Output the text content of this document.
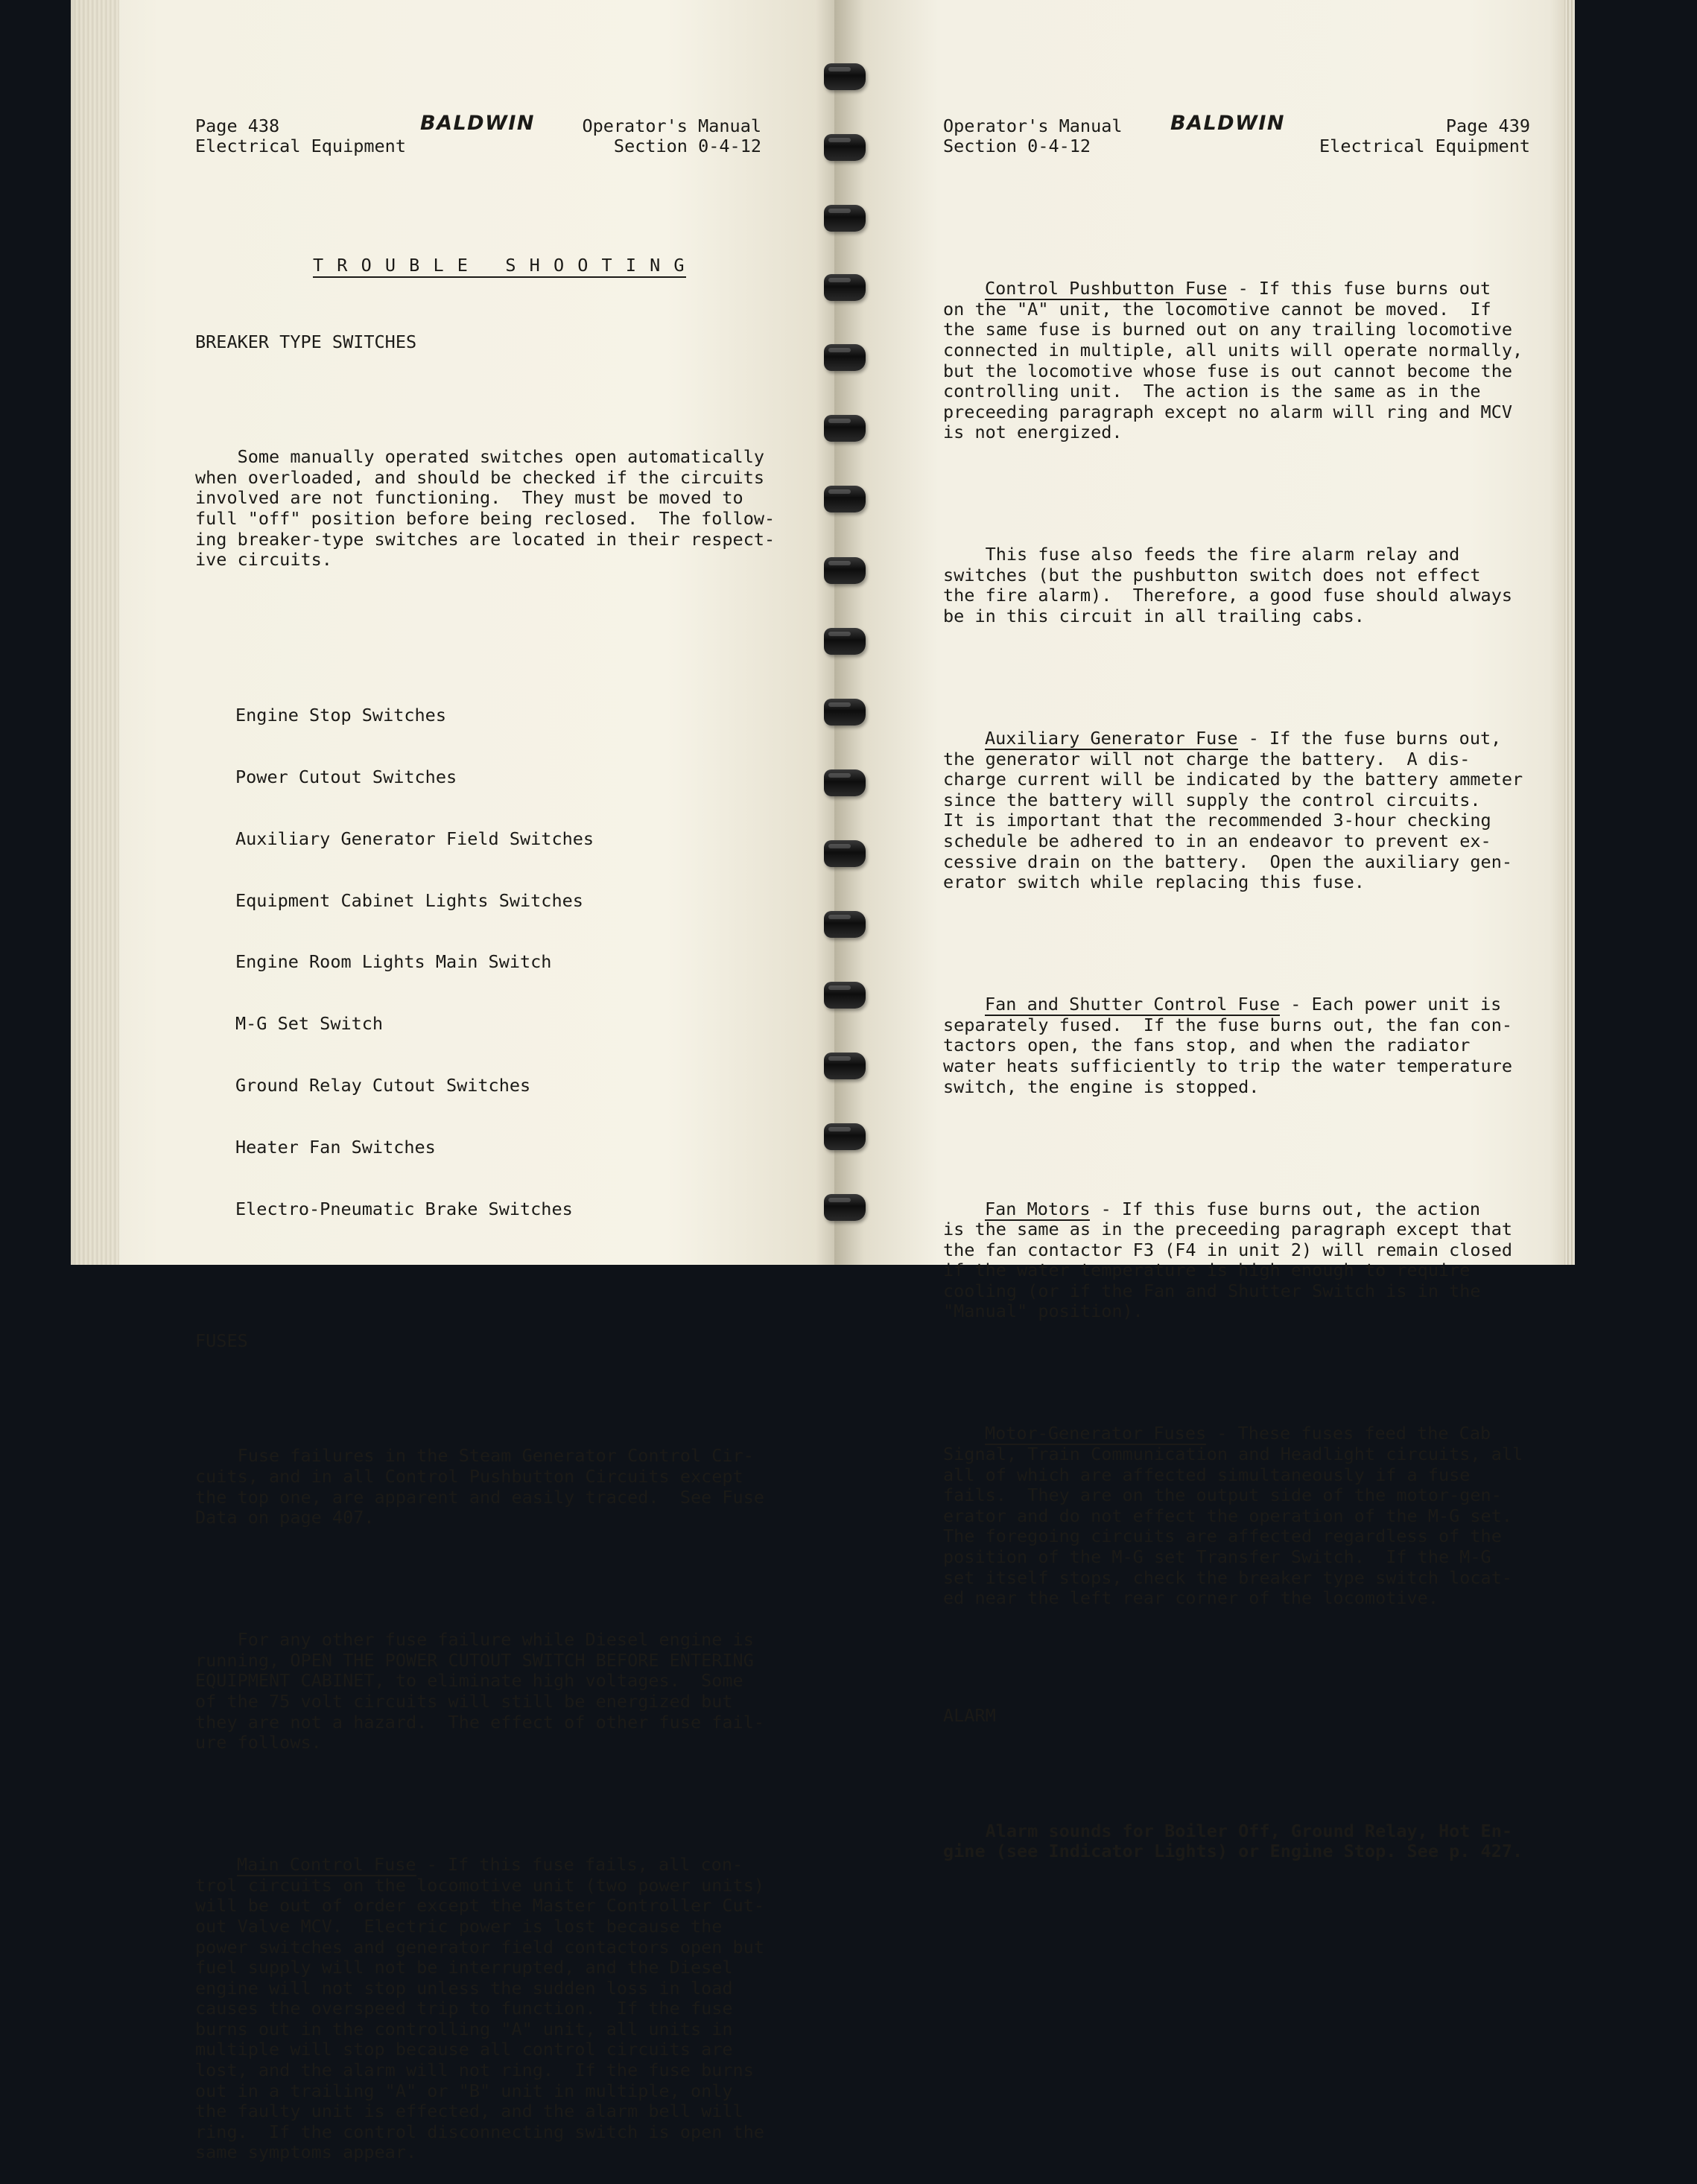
Page 438

Electrical Equipment

BALDWIN

	Operator's Manual

Section 0-4-12

T R O U B L E   S H O O T I N G

BREAKER TYPE SWITCHES

Some manually operated switches open automatically
when overloaded, and should be checked if the circuits
involved are not functioning.  They must be moved to
full "off" position before being reclosed.  The follow-
ing breaker-type switches are located in their respect-
ive circuits.

Engine Stop Switches

Power Cutout Switches

Auxiliary Generator Field Switches

Equipment Cabinet Lights Switches

Engine Room Lights Main Switch

M-G Set Switch

Ground Relay Cutout Switches

Heater Fan Switches

Electro-Pneumatic Brake Switches

FUSES

Fuse failures in the Steam Generator Control Cir-
cuits, and in all Control Pushbutton Circuits except
the top one, are apparent and easily traced.  See Fuse
Data on page 407.

For any other fuse failure while Diesel engine is
running, OPEN THE POWER CUTOUT SWITCH BEFORE ENTERING
EQUIPMENT CABINET, to eliminate high voltages.  Some
of the 75 volt circuits will still be energized but
they are not a hazard.  The effect of other fuse fail-
ure follows.

Main Control Fuse - If this fuse fails, all con-
trol circuits on the locomotive unit (two power units)
will be out of order except the Master Controller Cut-
out Valve MCV.  Electric power is lost because the
power switches and generator field contactors open but
fuel supply will not be interrupted, and the Diesel
engine will not stop unless the sudden loss in load
causes the overspeed trip to function.  If the fuse
burns out in the controlling "A" unit, all units in
multiple will stop because all control circuits are
lost, and the alarm will not ring.  If the fuse burns
out in a trailing "A" or "B" unit in multiple, only
the faulty unit is effected, and the alarm bell will
ring.  If the control disconnecting switch is open the
same symptoms appear.

Operator's Manual

Section 0-4-12

BALDWIN

	Page 439

Electrical Equipment

Control Pushbutton Fuse - If this fuse burns out
on the "A" unit, the locomotive cannot be moved.  If
the same fuse is burned out on any trailing locomotive
connected in multiple, all units will operate normally,
but the locomotive whose fuse is out cannot become the
controlling unit.  The action is the same as in the
preceeding paragraph except no alarm will ring and MCV
is not energized.

This fuse also feeds the fire alarm relay and
switches (but the pushbutton switch does not effect
the fire alarm).  Therefore, a good fuse should always
be in this circuit in all trailing cabs.

Auxiliary Generator Fuse - If the fuse burns out,
the generator will not charge the battery.  A dis-
charge current will be indicated by the battery ammeter
since the battery will supply the control circuits.
It is important that the recommended 3-hour checking
schedule be adhered to in an endeavor to prevent ex-
cessive drain on the battery.  Open the auxiliary gen-
erator switch while replacing this fuse.

Fan and Shutter Control Fuse - Each power unit is
separately fused.  If the fuse burns out, the fan con-
tactors open, the fans stop, and when the radiator
water heats sufficiently to trip the water temperature
switch, the engine is stopped.

Fan Motors - If this fuse burns out, the action
is the same as in the preceeding paragraph except that
the fan contactor F3 (F4 in unit 2) will remain closed
if the water temperature is high enough to require
cooling (or if the Fan and Shutter Switch is in the
"Manual" position).

Motor-Generator Fuses - These fuses feed the Cab
Signal, Train Communication and Headlight circuits, all
all of which are affected simultaneously if a fuse
fails.  They are on the output side of the motor-gen-
erator and do not effect the operation of the M-G set.
The foregoing circuits are affected regardless of the
position of the M-G set Transfer Switch.  If the M-G
set itself stops, check the breaker type switch locat-
ed near the left rear corner of the locomotive.

ALARM

Alarm sounds for Boiler Off, Ground Relay, Hot En-
gine (see Indicator Lights) or Engine Stop. See p. 427.
